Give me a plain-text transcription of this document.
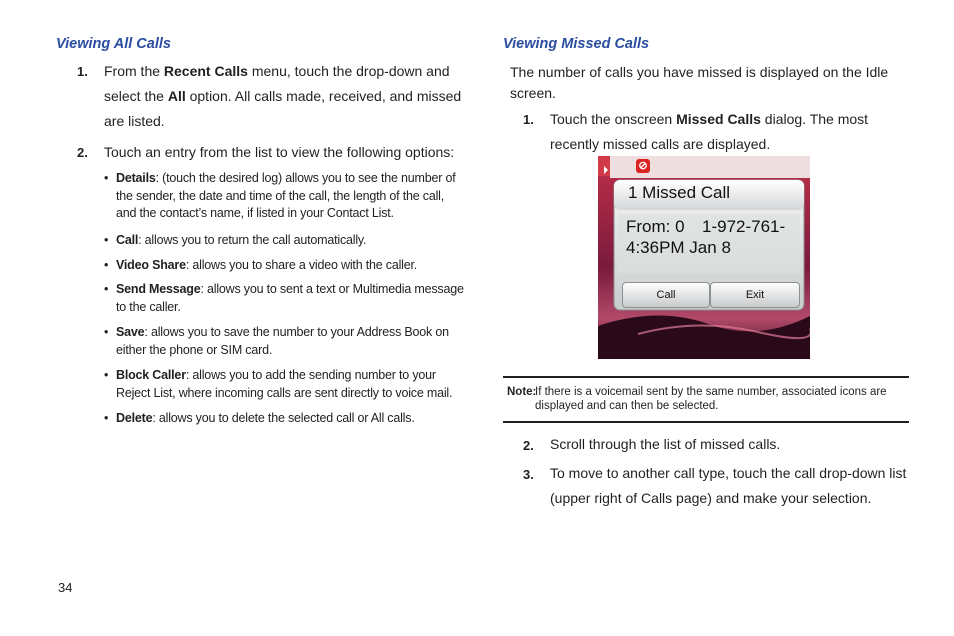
Viewing All Calls
1. From the Recent Calls menu, touch the drop-down and select the All option. All calls made, received, and missed are listed.
2. Touch an entry from the list to view the following options:
• Details: (touch the desired log) allows you to see the number of the sender, the date and time of the call, the length of the call, and the contact’s name, if listed in your Contact List.
• Call: allows you to return the call automatically.
• Video Share: allows you to share a video with the caller.
• Send Message: allows you to sent a text or Multimedia message to the caller.
• Save: allows you to save the number to your Address Book on either the phone or SIM card.
• Block Caller: allows you to add the sending number to your Reject List, where incoming calls are sent directly to voice mail.
• Delete: allows you to delete the selected call or All calls.
Viewing Missed Calls
The number of calls you have missed is displayed on the Idle screen.
1. Touch the onscreen Missed Calls dialog. The most recently missed calls are displayed.
⊘
1 Missed Call
From: 0 1-972-761-
4:36PM Jan 8
Call	Exit
Note:
If there is a voicemail sent by the same number, associated icons are displayed and can then be selected.
2. Scroll through the list of missed calls.
3. To move to another call type, touch the call drop-down list (upper right of Calls page) and make your selection.
34
